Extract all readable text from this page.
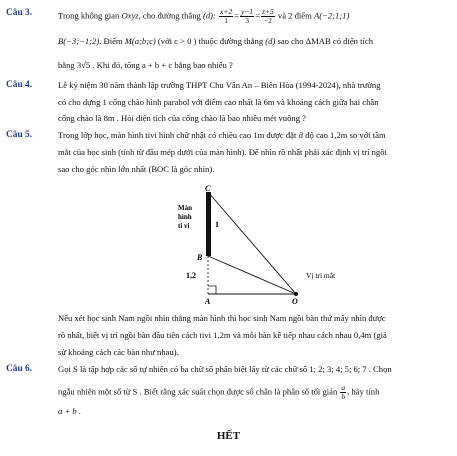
Câu 3.	Trong không gian Oxyz, cho đường thẳng (d): $\frac{x+2}{1} = \frac{y-1}{3} = \frac{z+5}{-2}$ và 2 điểm A(−2;1;1)
B(−3;−1;2). Điểm M(a;b;c) (với c > 0 ) thuộc đường thẳng (d) sao cho ΔMAB có diện tích
bằng 3√5 . Khi đó, tổng a + b + c bằng bao nhiêu ?
Câu 4.	Lễ kỷ niệm 30 năm thành lập trường THPT Chu Văn An – Biên Hòa (1994-2024), nhà trường
có cho dựng 1 cổng chào hình parabol với điểm cao nhất là 6m và khoảng cách giữa hai chân
cổng chào là 8m . Hỏi diện tích của cổng chào là bao nhiêu mét vuông ?
Câu 5.	Trong lớp học, màn hình tivi hình chữ nhật có chiều cao 1m được đặt ở độ cao 1,2m so với tầm
mắt của học sinh (tính từ đầu mép dưới của màn hình). Để nhìn rõ nhất phải xác định vị trí ngồi
sao cho góc nhìn lớn nhất (BOC là góc nhìn).
C
B
A	O
Màn
hình
ti vi	1
1,2	Vị trí mắt
Nếu xét học sinh Nam ngồi nhìn thẳng màn hình thì học sinh Nam ngồi bàn thứ mấy nhìn được
rõ nhất, biết vị trí ngồi bàn đầu tiên cách tivi 1,2m và mỗi bàn kế tiếp nhau cách nhau 0,4m (giả
sử khoảng cách các bàn như nhau).
Câu 6.	Gọi S là tập hợp các số tự nhiên có ba chữ số phân biệt lấy từ các chữ số 1; 2; 3; 4; 5; 6; 7 . Chọn
ngẫu nhiên một số từ S . Biết rằng xác suất chọn được số chẵn là phân số tối giản $\frac{a}{b}$ , hãy tính
a + b .
HẾT
